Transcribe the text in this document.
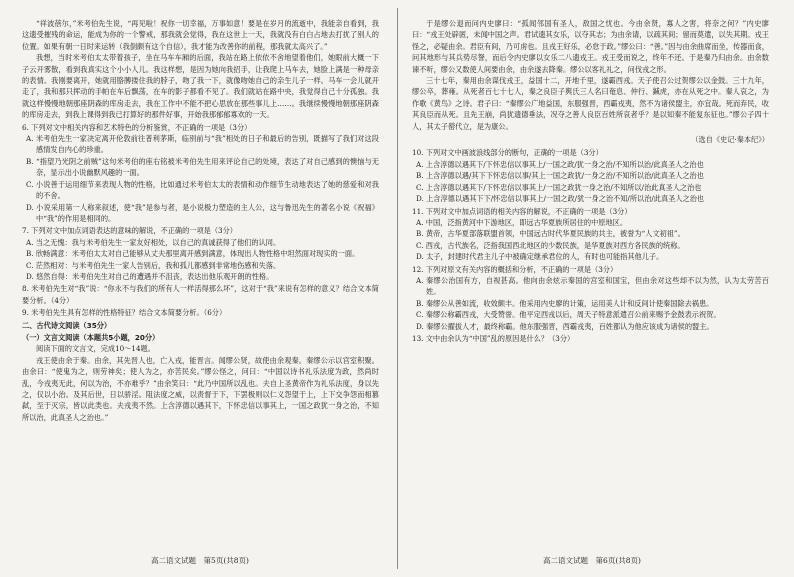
“祥波蓓尔，”米考伯先生说，“再见啦！祝你一切幸福，万事如意！要是在岁月的流逝中，我能亲自看到，我这遗受摧残的命运，能成为你的一个警戒，那我就会觉得，我在这世上一天，我就没有白白占地去打扰了别人的位置。如果有朝一日时来运转（我倒颇有这个自信），我才能为改善你的前程，那我就太高兴了。”

我想，当时米考伯太太带着孩子，坐在马车车厢的后面，我站在路上依依不舍地望着他们，她眼前大概一下子云开雾散，看到我真实这个小小人儿。我这样想，是因为她向我招手，让我爬上马车去，她脸上满是一种母亲的表情。我刚要离开，她就用胳膊搂住我的脖子，吻了我一下，就像吻她自己的亲生儿子一样。马车一会儿就开走了，我和那只挥动的手帕在车后飘荡，在车的影子都看不见了。我们就站在路中央，我觉得自己十分孤独。我就这样慢慢地朝那座阴森的库房走去，我在工作中不能不把心思放在那些事儿上……。我继续慢慢地朝那座阴森的库房走去，到我上课得到我已打算好的那件好事，开始我那郁郁寡欢的一天。

6. 下列对文中相关内容和艺术特色的分析鉴赏，不正确的一项是（3分）

A. 米考伯先生一家决定离开伦敦前往普利茅斯，临别前与“我”相处的日子和最后的告别，既描写了我们对这段感情发自内心的珍重。

B. “指望乃光阴之前贼”这句米考伯的座右铭被米考伯先生用来评论自己的处境，表达了对自己感到的懊恼与无奈，显示出小说幽默风趣的一面。

C. 小说善于运用细节来表现人物的性格，比如通过米考伯太太的表情和动作细节生动地表达了她的慈爱和对我的不舍。

D. 小说采用第一人称来叙述，使“我”是参与者，是小说极力塑造的主人公，这与鲁迅先生的著名小说《祝福》中“我”的作用是相同的。

7. 下列对文中加点词语表达的意味的解说，不正确的一项是（3分）

A. 当之无愧：我与米考伯先生一家友好相处，以自己的真诚获得了他们的认同。

B. 欣畅满意：米考伯太太对自己能够从丈夫那里离开感到满意，体现出人物性格中坦然面对现实的一面。

C. 茫然相对：与米考伯先生一家人告别后，我和孤儿都感到非常地伤感和失落。

D. 悠然自得：米考伯先生对自己的遭遇并不沮丧，表达出他乐观开朗的性格。

8. 米考伯先生对“我”说：“你永不与我们的所有人一样活得那么坏”，这对于“我”来说有怎样的意义？结合文本简要分析。（4分）

9. 米考伯先生具有怎样的性格特征？结合文本简要分析。（6分）

二、古代诗文阅读（35分）

（一）文言文阅读（本题共5小题，20分）

阅读下面的文言文，完成10～14题。

戎王使由余于秦。由余，其先晋人也，亡入戎，能晋言。闻缪公贤，故使由余观秦。秦缪公示以宫室积聚。由余曰：“使鬼为之，则劳神矣；使人为之，亦苦民矣。”缪公怪之，问曰：“中国以诗书礼乐法度为政，然尚时乱，今戎夷无此，何以为治，不亦难乎？”由余笑曰：“此乃中国所以乱也。夫自上圣黄帝作为礼乐法度，身以先之，仅以小治。及其后世，日以骄淫。阻法度之威，以责督于下，下罢极则以仁义怨望于上，上下交争怨而相篡弑，至于灭宗，皆以此类也。夫戎夷不然。上含淳德以遇其下，下怀忠信以事其上，一国之政犹一身之治，不知所以治，此真圣人之治也。”

于是缪公退而问内史廖曰：“孤闻邻国有圣人，敌国之忧也。今由余贤，寡人之害，将奈之何？”内史廖曰：“戎王处辟匿，未闻中国之声。君试遗其女乐，以夺其志；为由余请，以疏其间；留而莫遣，以失其期。戎王怪之，必疑由余。君臣有间，乃可虏也。且戎王好乐，必怠于政。”缪公曰：“善。”因与由余曲席而坐，传器而食，问其地形与其兵势尽詧，而后令内史廖以女乐二八遗戎王。戎王受而说之，终年不还。于是秦乃归由余。由余数谏不听，缪公又数使人间要由余，由余遂去降秦。缪公以客礼礼之，问伐戎之形。

三十七年，秦用由余谋伐戎王，益国十二，开地千里，遂霸西戎。天子使召公过贺缪公以金鼓。三十九年，缪公卒，葬雍。从死者百七十七人，秦之良臣子舆氏三人名曰奄息、仲行、鍼虎，亦在从死之中。秦人哀之，为作歌《黄鸟》之诗。君子曰：“秦缪公广地益国，东服强晋，西霸戎夷，然不为诸侯盟主，亦宜哉。死而弃民，收其良臣而从死。且先王崩，尚犹遗德垂法，况夺之善人良臣百姓所哀者乎？是以知秦不能复东征也。”缪公子四十人，其太子罃代立，是为康公。

（选自《史记·秦本纪》）

10. 下列对文中画波浪线部分的断句，正确的一项是（3分）

A. 上含淳德以遇其下/下怀忠信以事其上/一国之政/犹一身之治/不知所以治/此真圣人之治也

B. 上含淳德以遇/其下下怀忠信以事/其上一国之政犹/一身之治/不知所以治/此真圣人之治也

C. 上含淳德以遇其下/下怀忠信以事其上/一国之政犹一身之治/不知所以/治此真圣人之治也

D. 上含淳德以遇其下下/怀忠信以事其上/一国之政/犹一身之治不知/所以治/此真圣人之治也

11. 下列对文中加点词语的相关内容的解说，不正确的一项是（3分）

A. 中国，泛指黄河中下游地区，即远古华夏族所居住的中原地区。

B. 黄帝，古华夏部落联盟首领，中国远古时代华夏民族的共主，被誉为“人文初祖”。

C. 西戎，古代族名，泛指我国西北地区的少数民族，是华夏族对西方各民族的统称。

D. 太子，封建时代君主儿子中被确定继承君位的人，有时也可能指其他儿子。

12. 下列对原文有关内容的概括和分析，不正确的一项是（3分）

A. 秦缪公治国有方，自视甚高。他向由余炫示秦国的宫室和国宝，但由余对这些却不以为然，认为太劳苦百姓。

B. 秦缪公从善如流，收效颇丰。他采用内史廖的计策，运用美人计和反间计使秦国除去祸患。

C. 秦缪公称霸西戎，大受赞誉。他平定西戎以后，周天子特意派遣召公前来赐予金鼓表示祝贺。

D. 秦缪公擢拔人才，最终称霸。他东服强晋，西霸戎夷，百姓都认为他应该成为诸侯的盟主。

13. 文中由余认为“中国”乱的原因是什么？（3分）

高二语文试题　第5页(共8页)	高二语文试题　第6页(共8页)
